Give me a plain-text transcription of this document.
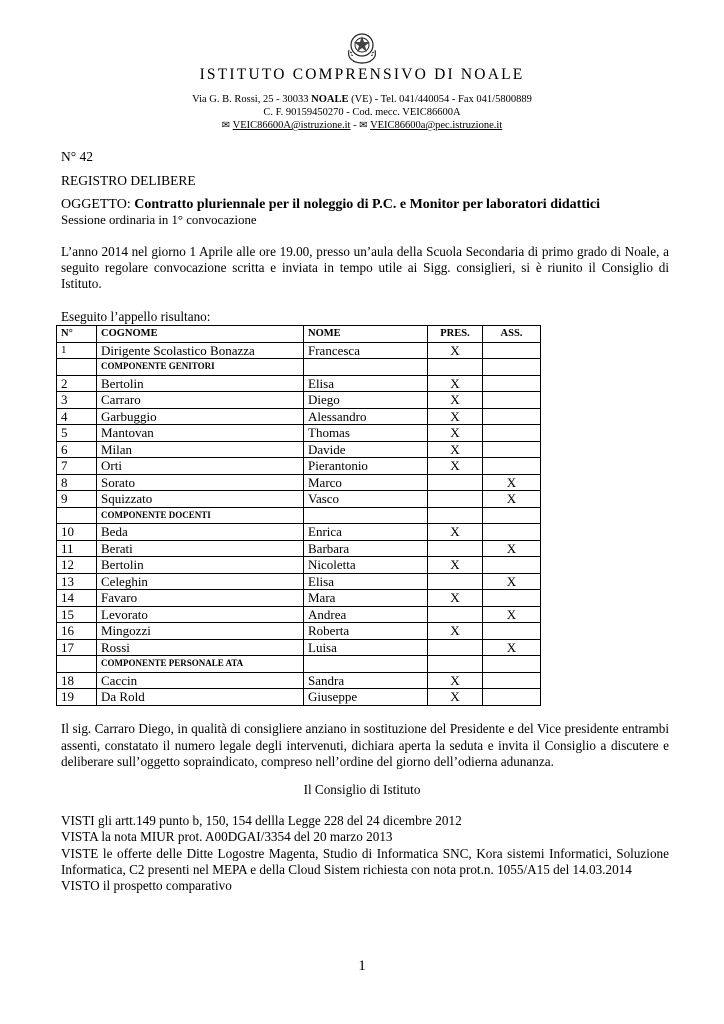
ISTITUTO COMPRENSIVO DI NOALE
Via G. B. Rossi, 25 - 30033 NOALE (VE) - Tel. 041/440054 - Fax 041/5800889
C. F. 90159450270 - Cod. mecc. VEIC86600A
✉ VEIC86600A@istruzione.it - ✉ VEIC86600a@pec.istruzione.it
N° 42
REGISTRO DELIBERE
OGGETTO: Contratto pluriennale per il noleggio di P.C. e Monitor per laboratori didattici
Sessione ordinaria in 1° convocazione
L’anno 2014 nel giorno 1 Aprile alle ore 19.00, presso un’aula della Scuola Secondaria di primo grado di Noale, a seguito regolare convocazione scritta e inviata in tempo utile ai Sigg. consiglieri, si è riunito il Consiglio di Istituto.
Eseguito l’appello risultano:
N°	COGNOME	NOME	PRES.	ASS.
1	Dirigente Scolastico Bonazza	Francesca	X	
	COMPONENTE GENITORI			
2	Bertolin	Elisa	X	
3	Carraro	Diego	X	
4	Garbuggio	Alessandro	X	
5	Mantovan	Thomas	X	
6	Milan	Davide	X	
7	Orti	Pierantonio	X	
8	Sorato	Marco		X
9	Squizzato	Vasco		X
	COMPONENTE DOCENTI			
10	Beda	Enrica	X	
11	Berati	Barbara		X
12	Bertolin	Nicoletta	X	
13	Celeghin	Elisa		X
14	Favaro	Mara	X	
15	Levorato	Andrea		X
16	Mingozzi	Roberta	X	
17	Rossi	Luisa		X
	COMPONENTE PERSONALE ATA			
18	Caccin	Sandra	X	
19	Da Rold	Giuseppe	X	
Il sig. Carraro Diego, in qualità di consigliere anziano in sostituzione del Presidente e del Vice presidente entrambi assenti, constatato il numero legale degli intervenuti, dichiara aperta la seduta e invita il Consiglio a discutere e deliberare sull’oggetto sopraindicato, compreso nell’ordine del giorno dell’odierna adunanza.
Il Consiglio di Istituto
VISTI gli artt.149 punto b, 150, 154 dellla Legge 228 del 24 dicembre 2012
VISTA la nota MIUR prot. A00DGAI/3354 del 20 marzo 2013
VISTE le offerte delle Ditte Logostre Magenta, Studio di Informatica SNC, Kora sistemi Informatici, Soluzione Informatica, C2 presenti nel MEPA e della Cloud Sistem richiesta con nota prot.n. 1055/A15 del 14.03.2014
VISTO il prospetto comparativo
1
